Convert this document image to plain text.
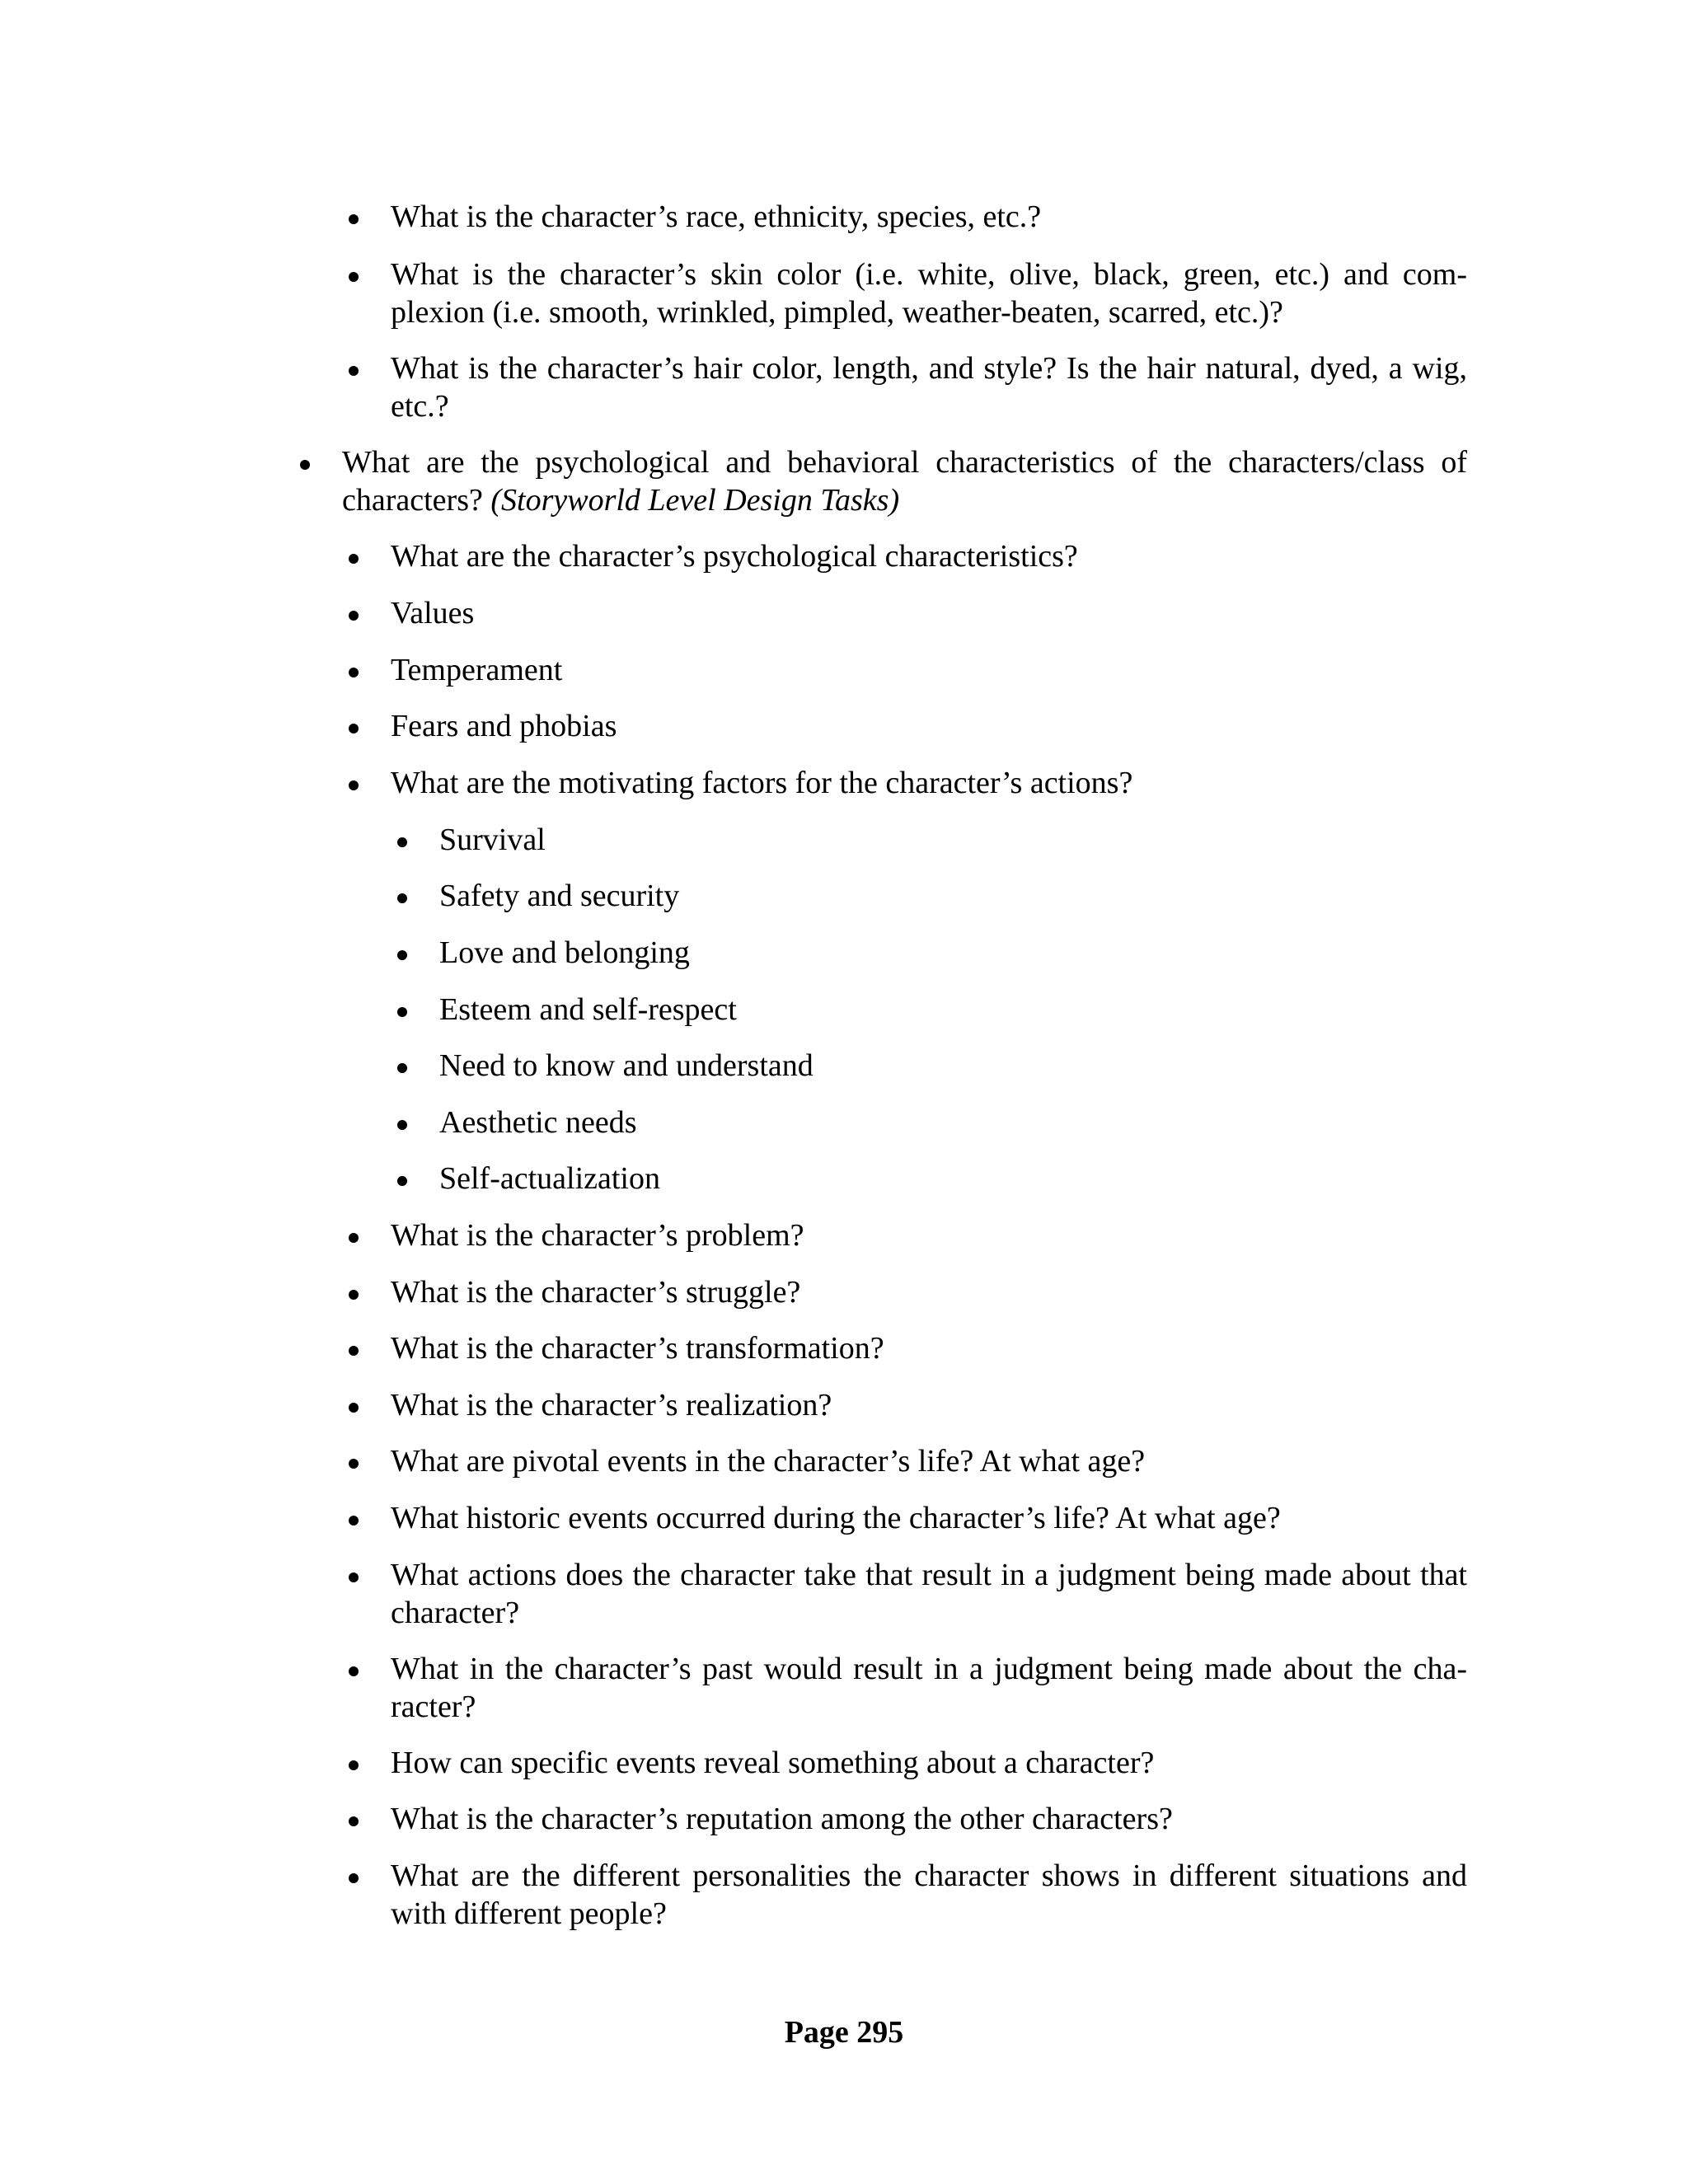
What is the character’s race, ethnicity, species, etc.?
What is the character’s skin color (i.e. white, olive, black, green, etc.) and com-plexion (i.e. smooth, wrinkled, pimpled, weather-beaten, scarred, etc.)?
What is the character’s hair color, length, and style? Is the hair natural, dyed, a wig, etc.?
What are the psychological and behavioral characteristics of the characters/class of characters? (Storyworld Level Design Tasks)
What are the character’s psychological characteristics?
Values
Temperament
Fears and phobias
What are the motivating factors for the character’s actions?
Survival
Safety and security
Love and belonging
Esteem and self-respect
Need to know and understand
Aesthetic needs
Self-actualization
What is the character’s problem?
What is the character’s struggle?
What is the character’s transformation?
What is the character’s realization?
What are pivotal events in the character’s life? At what age?
What historic events occurred during the character’s life? At what age?
What actions does the character take that result in a judgment being made about that character?
What in the character’s past would result in a judgment being made about the cha-racter?
How can specific events reveal something about a character?
What is the character’s reputation among the other characters?
What are the different personalities the character shows in different situations and with different people?
Page 295
